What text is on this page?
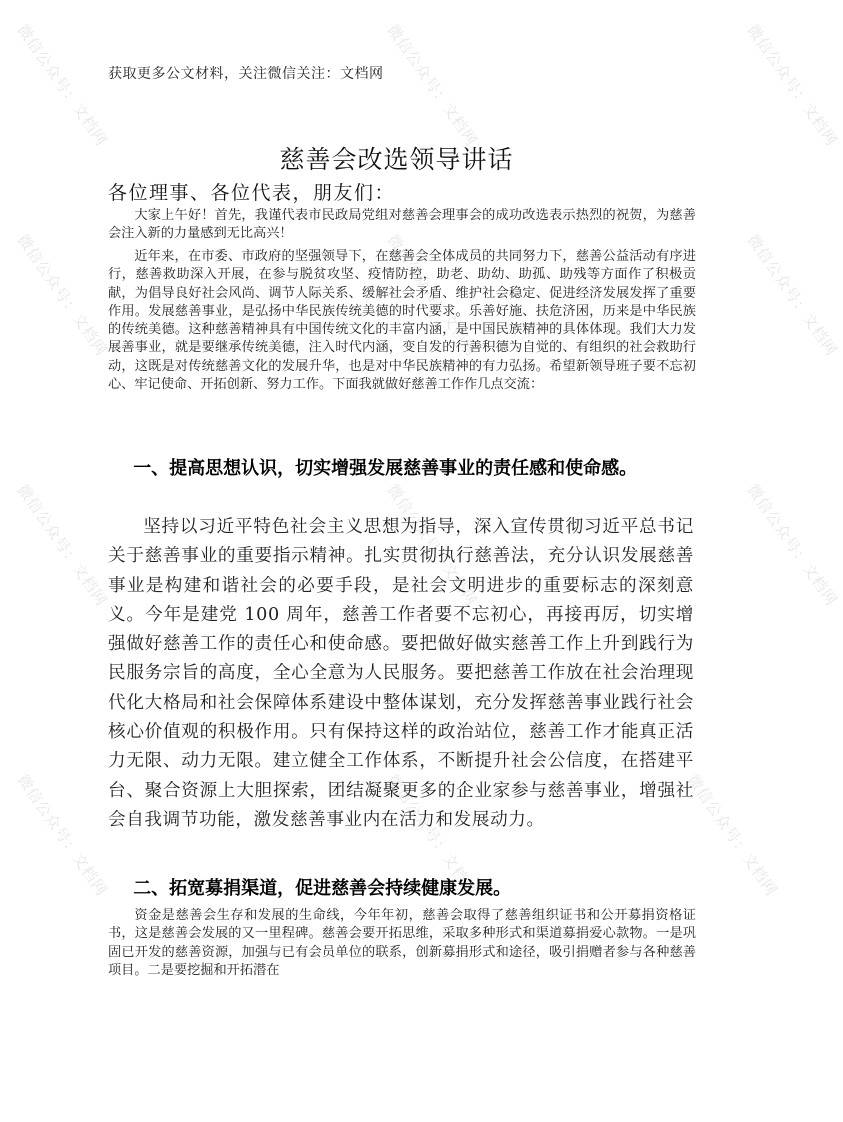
微信公众号：文档网	微信公众号：文档网	微信公众号：文档网
微信公众号：文档网	微信公众号：文档网	微信公众号：文档网
微信公众号：文档网	微信公众号：文档网	微信公众号：文档网
微信公众号：文档网	微信公众号：文档网	微信公众号：文档网
获取更多公文材料，关注微信关注：文档网
慈善会改选领导讲话
各位理事、各位代表，朋友们：

大家上午好！首先，我谨代表市民政局党组对慈善会理事会的成功改选表示热烈的祝贺，为慈善会注入新的力量感到无比高兴！

近年来，在市委、市政府的坚强领导下，在慈善会全体成员的共同努力下，慈善公益活动有序进行，慈善救助深入开展，在参与脱贫攻坚、疫情防控，助老、助幼、助孤、助残等方面作了积极贡献，为倡导良好社会风尚、调节人际关系、缓解社会矛盾、维护社会稳定、促进经济发展发挥了重要作用。发展慈善事业，是弘扬中华民族传统美德的时代要求。乐善好施、扶危济困，历来是中华民族的传统美德。这种慈善精神具有中国传统文化的丰富内涵，是中国民族精神的具体体现。我们大力发展善事业，就是要继承传统美德，注入时代内涵，变自发的行善积德为自觉的、有组织的社会救助行动，这既是对传统慈善文化的发展升华，也是对中华民族精神的有力弘扬。希望新领导班子要不忘初心、牢记使命、开拓创新、努力工作。下面我就做好慈善工作作几点交流：

一、提高思想认识，切实增强发展慈善事业的责任感和使命感。

坚持以习近平特色社会主义思想为指导，深入宣传贯彻习近平总书记关于慈善事业的重要指示精神。扎实贯彻执行慈善法，充分认识发展慈善事业是构建和谐社会的必要手段，是社会文明进步的重要标志的深刻意义。今年是建党 100 周年，慈善工作者要不忘初心，再接再厉，切实增强做好慈善工作的责任心和使命感。要把做好做实慈善工作上升到践行为民服务宗旨的高度，全心全意为人民服务。要把慈善工作放在社会治理现代化大格局和社会保障体系建设中整体谋划，充分发挥慈善事业践行社会核心价值观的积极作用。只有保持这样的政治站位，慈善工作才能真正活力无限、动力无限。建立健全工作体系，不断提升社会公信度，在搭建平台、聚合资源上大胆探索，团结凝聚更多的企业家参与慈善事业，增强社会自我调节功能，激发慈善事业内在活力和发展动力。

二、拓宽募捐渠道，促进慈善会持续健康发展。

资金是慈善会生存和发展的生命线，今年年初，慈善会取得了慈善组织证书和公开募捐资格证书，这是慈善会发展的又一里程碑。慈善会要开拓思维，采取多种形式和渠道募捐爱心款物。一是巩固已开发的慈善资源，加强与已有会员单位的联系，创新募捐形式和途径，吸引捐赠者参与各种慈善项目。二是要挖掘和开拓潜在
